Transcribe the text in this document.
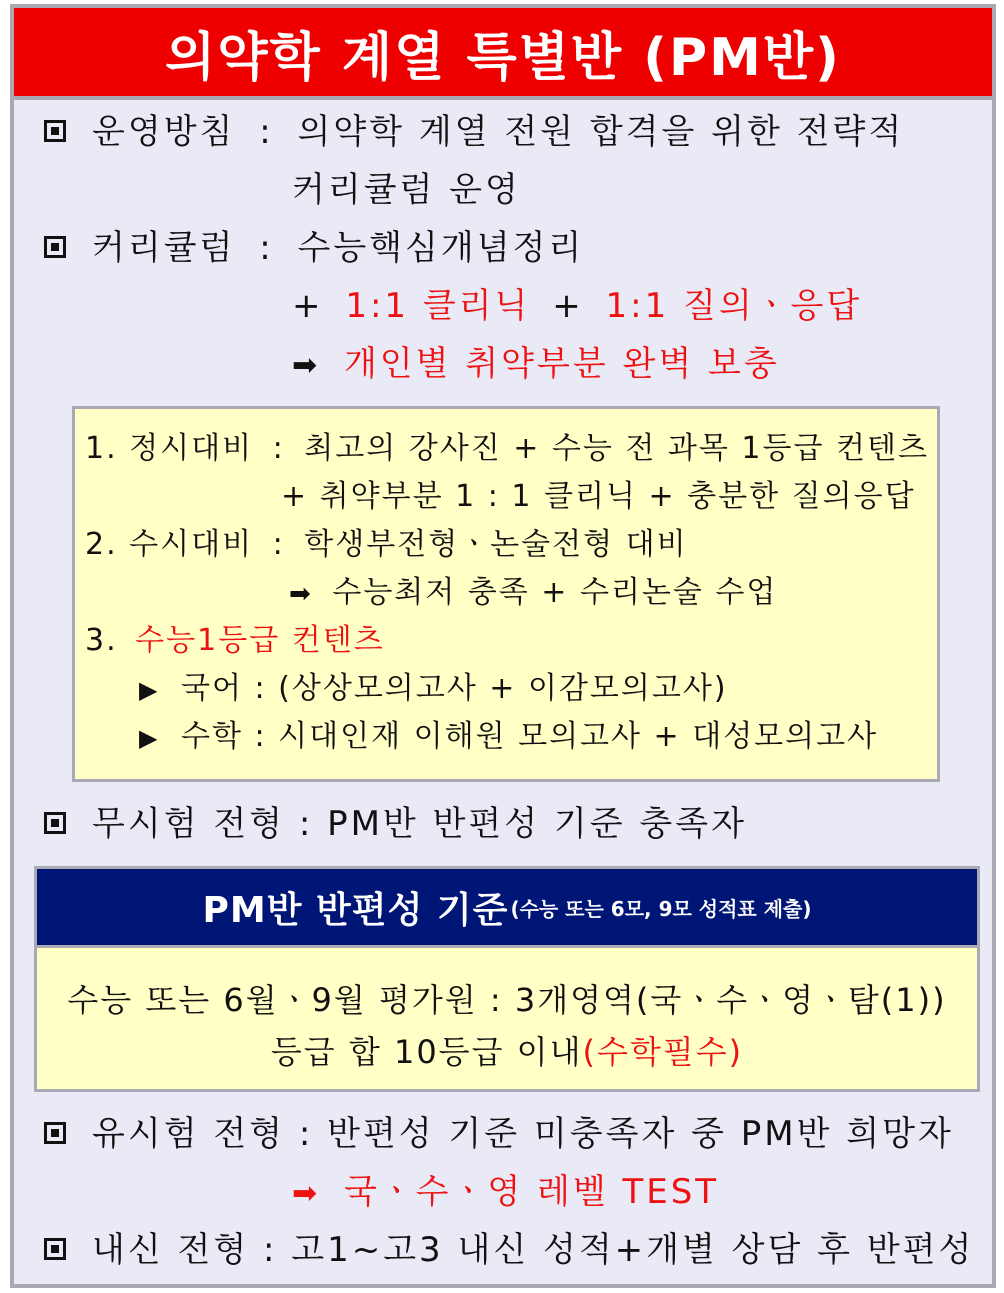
의약학 계열 특별반 (PM반)
운영방침 : 의약학 계열 전원 합격을 위한 전략적
커리큘럼 운영
커리큘럼 : 수능핵심개념정리
+ 1:1 클리닉 + 1:1 질의ㆍ응답
➡ 개인별 취약부분 완벽 보충
1. 정시대비 : 최고의 강사진 + 수능 전 과목 1등급 컨텐츠
+ 취약부분 1 : 1 클리닉 + 충분한 질의응답
2. 수시대비 : 학생부전형ㆍ논술전형 대비
➡ 수능최저 충족 + 수리논술 수업
3. 수능1등급 컨텐츠
▶ 국어 : (상상모의고사 + 이감모의고사)
▶ 수학 : 시대인재 이해원 모의고사 + 대성모의고사
무시험 전형 : PM반 반편성 기준 충족자
PM반 반편성 기준 (수능 또는 6모, 9모 성적표 제출)
수능 또는 6월ㆍ9월 평가원 : 3개영역(국ㆍ수ㆍ영ㆍ탐(1))
등급 합 10등급 이내(수학필수)
유시험 전형 : 반편성 기준 미충족자 중 PM반 희망자
➡ 국ㆍ수ㆍ영 레벨 TEST
내신 전형 : 고1~고3 내신 성적+개별 상담 후 반편성
